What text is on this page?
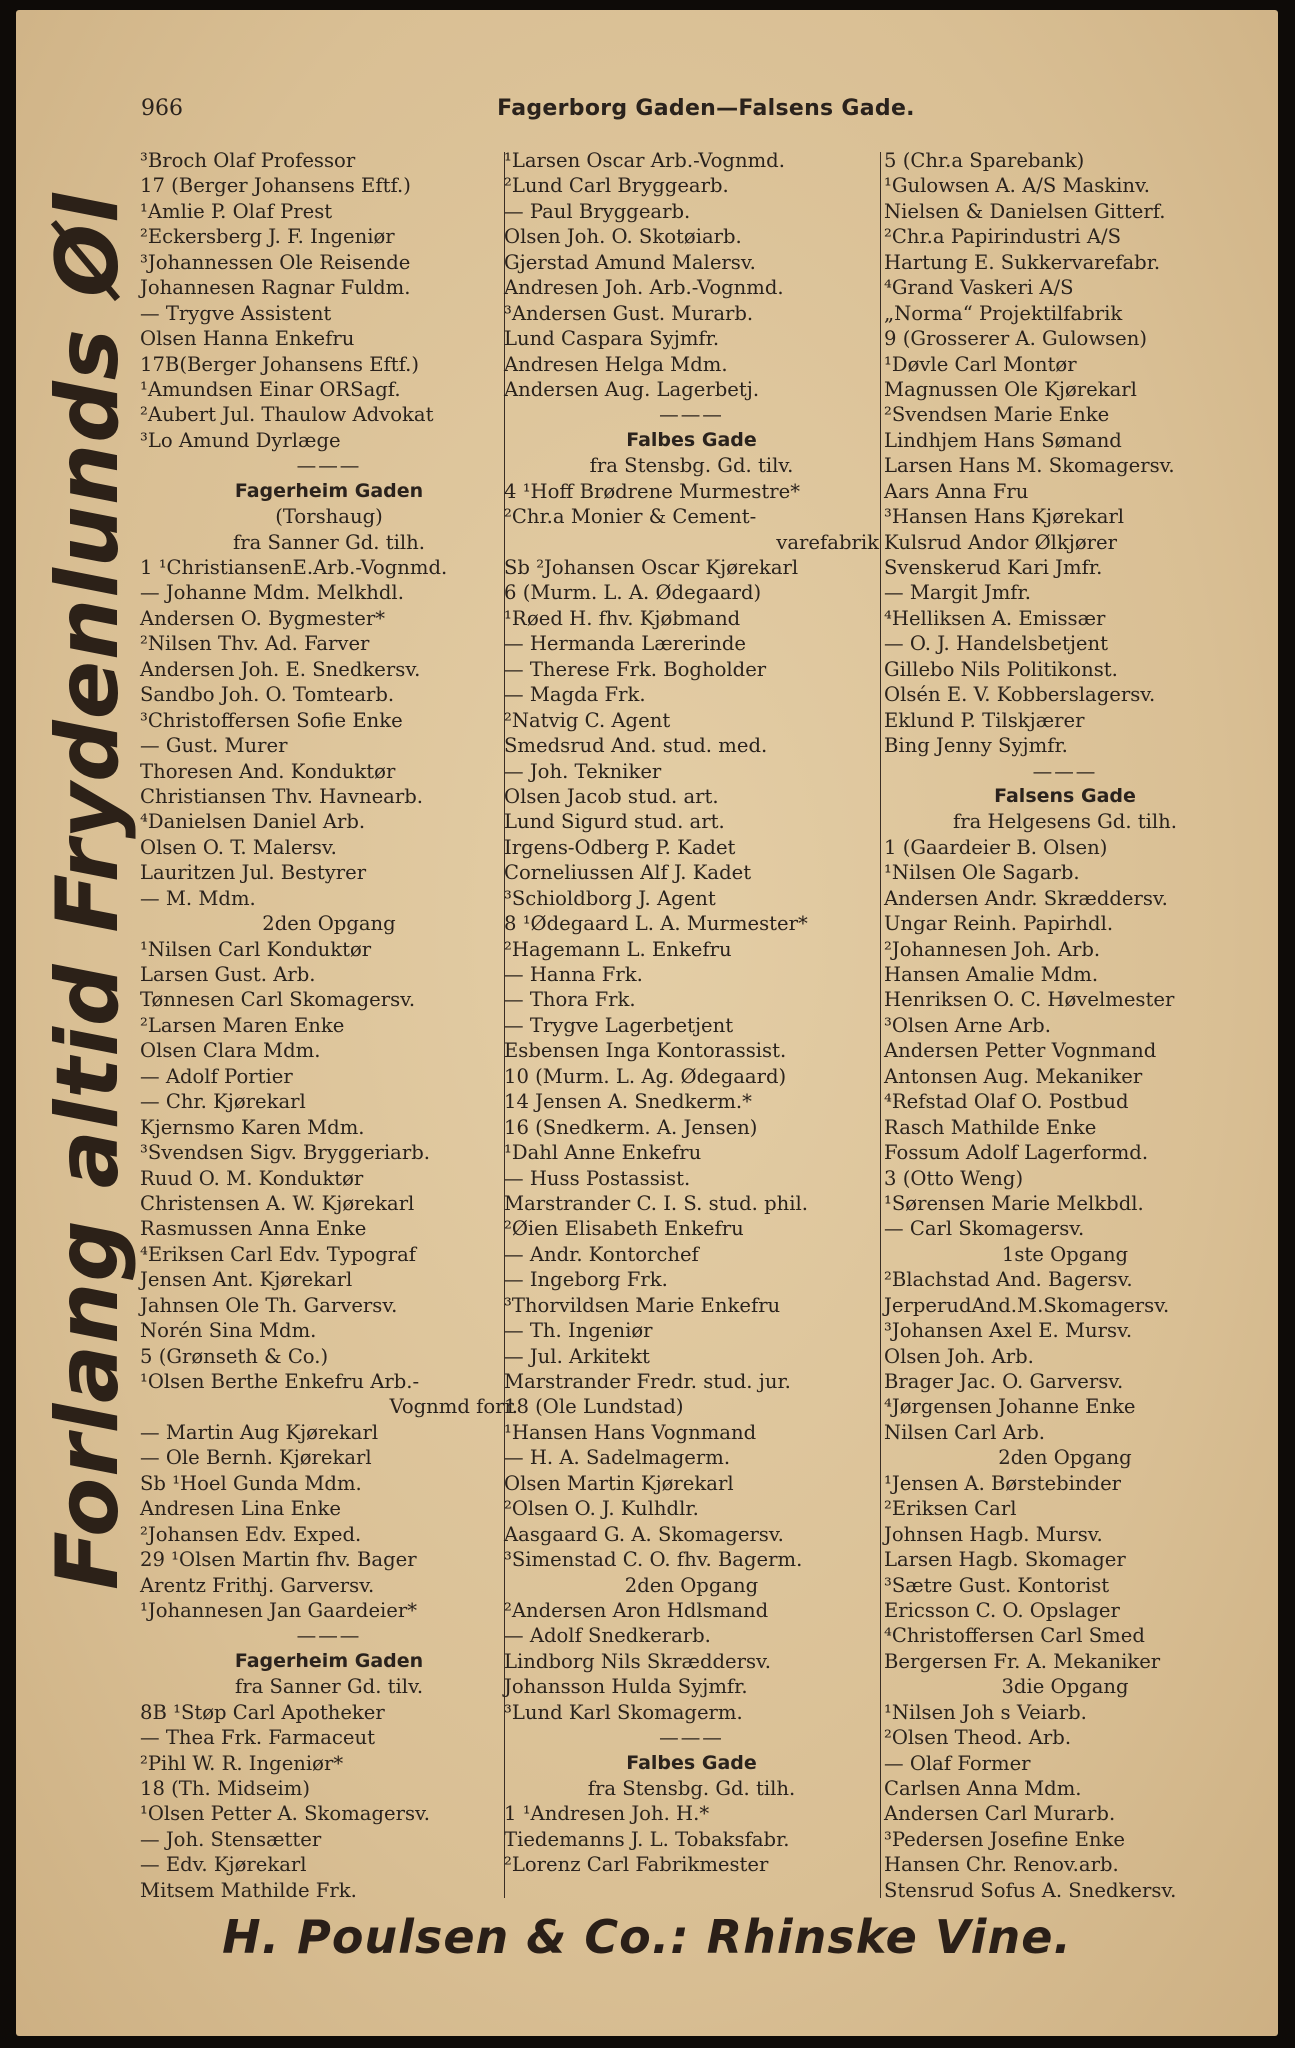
966	Fagerborg Gaden—Falsens Gade.
Forlang altid Frydenlunds Øl
³Broch Olaf Professor
17 (Berger Johansens Eftf.)
¹Amlie P. Olaf Prest
²Eckersberg J. F. Ingeniør
³Johannessen Ole Reisende
Johannesen Ragnar Fuldm.
— Trygve Assistent
Olsen Hanna Enkefru
17B(Berger Johansens Eftf.)
¹Amundsen Einar ORSagf.
²Aubert Jul. Thaulow Advokat
³Lo Amund Dyrlæge
———
Fagerheim Gaden
(Torshaug)
fra Sanner Gd. tilh.
1 ¹ChristiansenE.Arb.-Vognmd.
— Johanne Mdm. Melkhdl.
Andersen O. Bygmester*
²Nilsen Thv. Ad. Farver
Andersen Joh. E. Snedkersv.
Sandbo Joh. O. Tomtearb.
³Christoffersen Sofie Enke
— Gust. Murer
Thoresen And. Konduktør
Christiansen Thv. Havnearb.
⁴Danielsen Daniel Arb.
Olsen O. T. Malersv.
Lauritzen Jul. Bestyrer
— M. Mdm.
2den Opgang
¹Nilsen Carl Konduktør
Larsen Gust. Arb.
Tønnesen Carl Skomagersv.
²Larsen Maren Enke
Olsen Clara Mdm.
— Adolf Portier
— Chr. Kjørekarl
Kjernsmo Karen Mdm.
³Svendsen Sigv. Bryggeriarb.
Ruud O. M. Konduktør
Christensen A. W. Kjørekarl
Rasmussen Anna Enke
⁴Eriksen Carl Edv. Typograf
Jensen Ant. Kjørekarl
Jahnsen Ole Th. Garversv.
Norén Sina Mdm.
5 (Grønseth & Co.)
¹Olsen Berthe Enkefru Arb.-
Vognmd forr.
— Martin Aug Kjørekarl
— Ole Bernh. Kjørekarl
Sb ¹Hoel Gunda Mdm.
Andresen Lina Enke
²Johansen Edv. Exped.
29 ¹Olsen Martin fhv. Bager
Arentz Frithj. Garversv.
¹Johannesen Jan Gaardeier*
———
Fagerheim Gaden
fra Sanner Gd. tilv.
8B ¹Støp Carl Apotheker
— Thea Frk. Farmaceut
²Pihl W. R. Ingeniør*
18 (Th. Midseim)
¹Olsen Petter A. Skomagersv.
— Joh. Stensætter
— Edv. Kjørekarl
Mitsem Mathilde Frk.
¹Larsen Oscar Arb.-Vognmd.
²Lund Carl Bryggearb.
— Paul Bryggearb.
Olsen Joh. O. Skotøiarb.
Gjerstad Amund Malersv.
Andresen Joh. Arb.-Vognmd.
³Andersen Gust. Murarb.
Lund Caspara Syjmfr.
Andresen Helga Mdm.
Andersen Aug. Lagerbetj.
———
Falbes Gade
fra Stensbg. Gd. tilv.
4 ¹Hoff Brødrene Murmestre*
²Chr.a Monier & Cement-
varefabrik
Sb ²Johansen Oscar Kjørekarl
6 (Murm. L. A. Ødegaard)
¹Røed H. fhv. Kjøbmand
— Hermanda Lærerinde
— Therese Frk. Bogholder
— Magda Frk.
²Natvig C. Agent
Smedsrud And. stud. med.
— Joh. Tekniker
Olsen Jacob stud. art.
Lund Sigurd stud. art.
Irgens-Odberg P. Kadet
Corneliussen Alf J. Kadet
³Schioldborg J. Agent
8 ¹Ødegaard L. A. Murmester*
²Hagemann L. Enkefru
— Hanna Frk.
— Thora Frk.
— Trygve Lagerbetjent
Esbensen Inga Kontorassist.
10 (Murm. L. Ag. Ødegaard)
14 Jensen A. Snedkerm.*
16 (Snedkerm. A. Jensen)
¹Dahl Anne Enkefru
— Huss Postassist.
Marstrander C. I. S. stud. phil.
²Øien Elisabeth Enkefru
— Andr. Kontorchef
— Ingeborg Frk.
³Thorvildsen Marie Enkefru
— Th. Ingeniør
— Jul. Arkitekt
Marstrander Fredr. stud. jur.
18 (Ole Lundstad)
¹Hansen Hans Vognmand
— H. A. Sadelmagerm.
Olsen Martin Kjørekarl
²Olsen O. J. Kulhdlr.
Aasgaard G. A. Skomagersv.
³Simenstad C. O. fhv. Bagerm.
2den Opgang
²Andersen Aron Hdlsmand
— Adolf Snedkerarb.
Lindborg Nils Skræddersv.
Johansson Hulda Syjmfr.
³Lund Karl Skomagerm.
———
Falbes Gade
fra Stensbg. Gd. tilh.
1 ¹Andresen Joh. H.*
Tiedemanns J. L. Tobaksfabr.
²Lorenz Carl Fabrikmester
5 (Chr.a Sparebank)
¹Gulowsen A. A/S Maskinv.
Nielsen & Danielsen Gitterf.
²Chr.a Papirindustri A/S
Hartung E. Sukkervarefabr.
⁴Grand Vaskeri A/S
„Norma“ Projektilfabrik
9 (Grosserer A. Gulowsen)
¹Døvle Carl Montør
Magnussen Ole Kjørekarl
²Svendsen Marie Enke
Lindhjem Hans Sømand
Larsen Hans M. Skomagersv.
Aars Anna Fru
³Hansen Hans Kjørekarl
Kulsrud Andor Ølkjører
Svenskerud Kari Jmfr.
— Margit Jmfr.
⁴Helliksen A. Emissær
— O. J. Handelsbetjent
Gillebo Nils Politikonst.
Olsén E. V. Kobberslagersv.
Eklund P. Tilskjærer
Bing Jenny Syjmfr.
———
Falsens Gade
fra Helgesens Gd. tilh.
1 (Gaardeier B. Olsen)
¹Nilsen Ole Sagarb.
Andersen Andr. Skræddersv.
Ungar Reinh. Papirhdl.
²Johannesen Joh. Arb.
Hansen Amalie Mdm.
Henriksen O. C. Høvelmester
³Olsen Arne Arb.
Andersen Petter Vognmand
Antonsen Aug. Mekaniker
⁴Refstad Olaf O. Postbud
Rasch Mathilde Enke
Fossum Adolf Lagerformd.
3 (Otto Weng)
¹Sørensen Marie Melkbdl.
— Carl Skomagersv.
1ste Opgang
²Blachstad And. Bagersv.
JerperudAnd.M.Skomagersv.
³Johansen Axel E. Mursv.
Olsen Joh. Arb.
Brager Jac. O. Garversv.
⁴Jørgensen Johanne Enke
Nilsen Carl Arb.
2den Opgang
¹Jensen A. Børstebinder
²Eriksen Carl
Johnsen Hagb. Mursv.
Larsen Hagb. Skomager
³Sætre Gust. Kontorist
Ericsson C. O. Opslager
⁴Christoffersen Carl Smed
Bergersen Fr. A. Mekaniker
3die Opgang
¹Nilsen Joh s Veiarb.
²Olsen Theod. Arb.
— Olaf Former
Carlsen Anna Mdm.
Andersen Carl Murarb.
³Pedersen Josefine Enke
Hansen Chr. Renov.arb.
Stensrud Sofus A. Snedkersv.
H. Poulsen & Co.: Rhinske Vine.
